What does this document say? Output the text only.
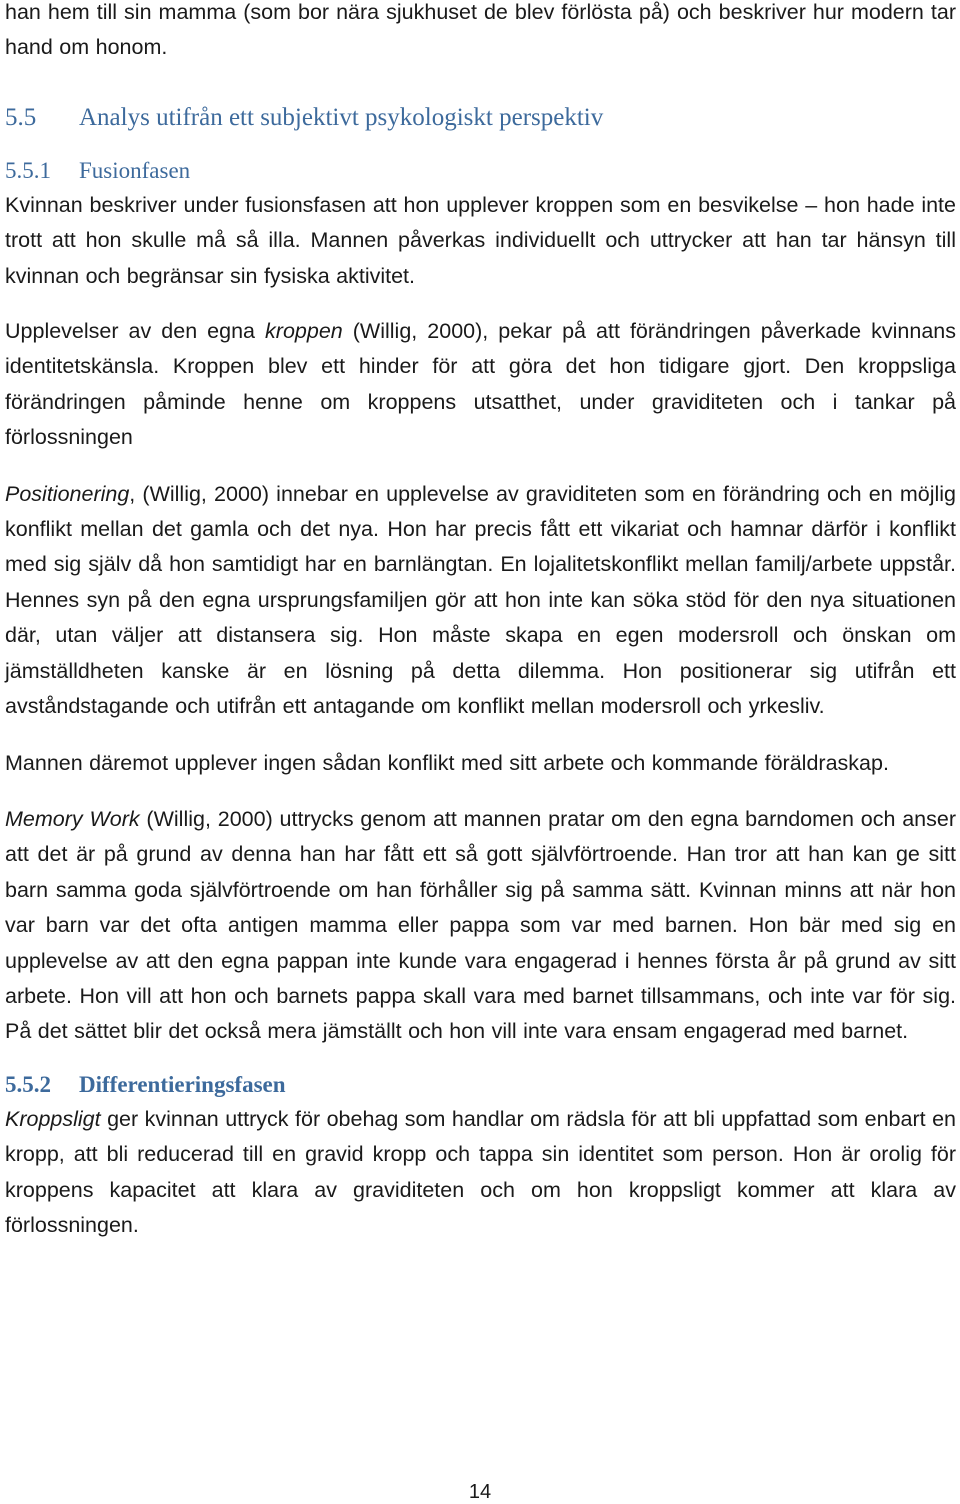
han hem till sin mamma (som bor nära sjukhuset de blev förlösta på) och beskriver hur modern tar hand om honom.

5.5 Analys utifrån ett subjektivt psykologiskt perspektiv
5.5.1 Fusionfasen

Kvinnan beskriver under fusionsfasen att hon upplever kroppen som en besvikelse – hon hade inte trott att hon skulle må så illa. Mannen påverkas individuellt och uttrycker att han tar hänsyn till kvinnan och begränsar sin fysiska aktivitet.

Upplevelser av den egna kroppen (Willig, 2000), pekar på att förändringen påverkade kvinnans identitetskänsla. Kroppen blev ett hinder för att göra det hon tidigare gjort. Den kroppsliga förändringen påminde henne om kroppens utsatthet, under graviditeten och i tankar på förlossningen

Positionering, (Willig, 2000) innebar en upplevelse av graviditeten som en förändring och en möjlig konflikt mellan det gamla och det nya. Hon har precis fått ett vikariat och hamnar därför i konflikt med sig själv då hon samtidigt har en barnlängtan. En lojalitetskonflikt mellan familj/arbete uppstår. Hennes syn på den egna ursprungsfamiljen gör att hon inte kan söka stöd för den nya situationen där, utan väljer att distansera sig. Hon måste skapa en egen modersroll och önskan om jämställdheten kanske är en lösning på detta dilemma. Hon positionerar sig utifrån ett avståndstagande och utifrån ett antagande om konflikt mellan modersroll och yrkesliv.

Mannen däremot upplever ingen sådan konflikt med sitt arbete och kommande föräldraskap.

Memory Work (Willig, 2000) uttrycks genom att mannen pratar om den egna barndomen och anser att det är på grund av denna han har fått ett så gott självförtroende. Han tror att han kan ge sitt barn samma goda självförtroende om han förhåller sig på samma sätt. Kvinnan minns att när hon var barn var det ofta antigen mamma eller pappa som var med barnen. Hon bär med sig en upplevelse av att den egna pappan inte kunde vara engagerad i hennes första år på grund av sitt arbete. Hon vill att hon och barnets pappa skall vara med barnet tillsammans, och inte var för sig. På det sättet blir det också mera jämställt och hon vill inte vara ensam engagerad med barnet.

5.5.2 Differentieringsfasen

Kroppsligt ger kvinnan uttryck för obehag som handlar om rädsla för att bli uppfattad som enbart en kropp, att bli reducerad till en gravid kropp och tappa sin identitet som person. Hon är orolig för kroppens kapacitet att klara av graviditeten och om hon kroppsligt kommer att klara av förlossningen.

14
